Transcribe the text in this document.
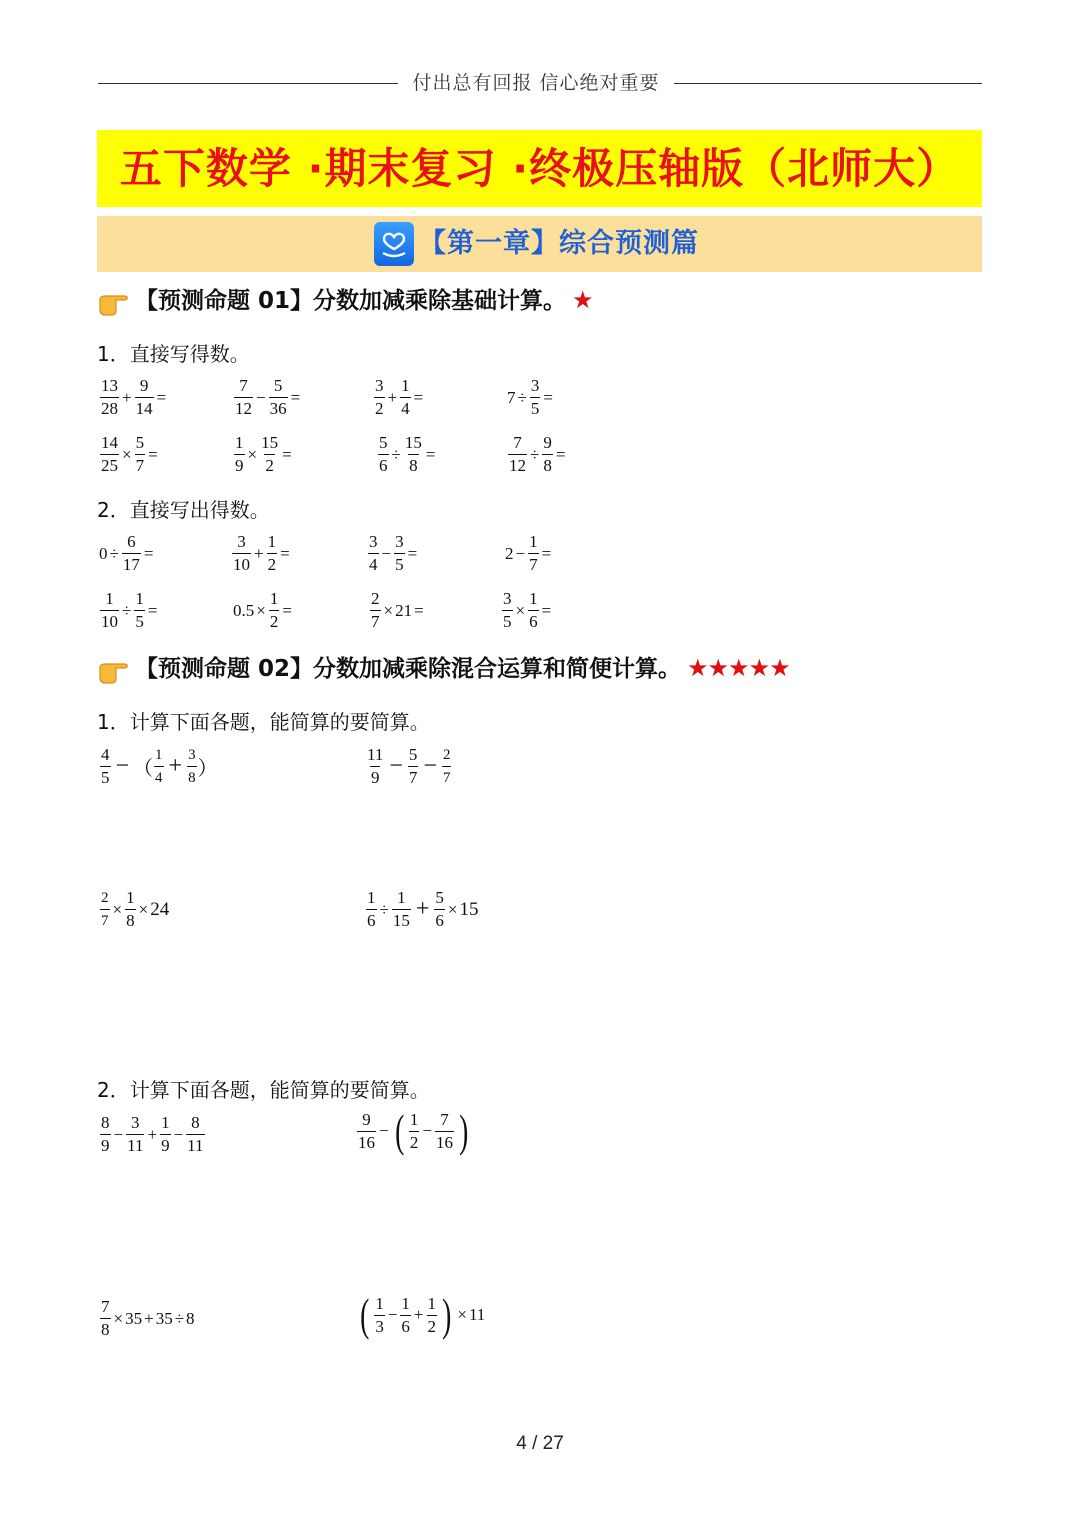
付出总有回报 信心绝对重要
五下数学 ·期末复习 ·终极压轴版（北师大）
【第一章】综合预测篇
【预测命题 01】分数加减乘除基础计算。 ★
1．直接写得数。
$\frac{13}{28} + \frac{9}{14}$ =	$\frac{7}{12} - \frac{5}{36}$ =	$\frac{3}{2} + \frac{1}{4}$ =	$7 \div \frac{3}{5}$ =
$\frac{14}{25} \times \frac{5}{7}$ =	$\frac{1}{9} \times \frac{15}{2}$ =	$\frac{5}{6} \div \frac{15}{8}$ =	$\frac{7}{12} \div \frac{9}{8}$ =
2．直接写出得数。
$0 \div \frac{6}{17}$ =	$\frac{3}{10} + \frac{1}{2}$ =	$\frac{3}{4} - \frac{3}{5}$ =	$2 - \frac{1}{7}$ =
$\frac{1}{10} \div \frac{1}{5}$ =	$0.5 \times \frac{1}{2}$ =	$\frac{2}{7} \times 21$ =	$\frac{3}{5} \times \frac{1}{6}$ =
【预测命题 02】分数加减乘除混合运算和简便计算。 ★★★★★
1．计算下面各题，能简算的要简算。
$\frac{4}{5}$ − （ $\frac{1}{4} + \frac{3}{8}$ ）	$\frac{11}{9} - \frac{5}{7} - \frac{2}{7}$
$\frac{2}{7} \times \frac{1}{8} \times 24$	$\frac{1}{6} \div \frac{1}{15} + \frac{5}{6} \times 15$
2．计算下面各题，能简算的要简算。
$\frac{8}{9} - \frac{3}{11} + \frac{1}{9} - \frac{8}{11}$	$\frac{9}{16}$ − ( $\frac{1}{2} - \frac{7}{16}$ )
$\frac{7}{8} \times 35 + 35 \div 8$	( $\frac{1}{3} - \frac{1}{6} + \frac{1}{2}$ ) × 11
4 / 27
